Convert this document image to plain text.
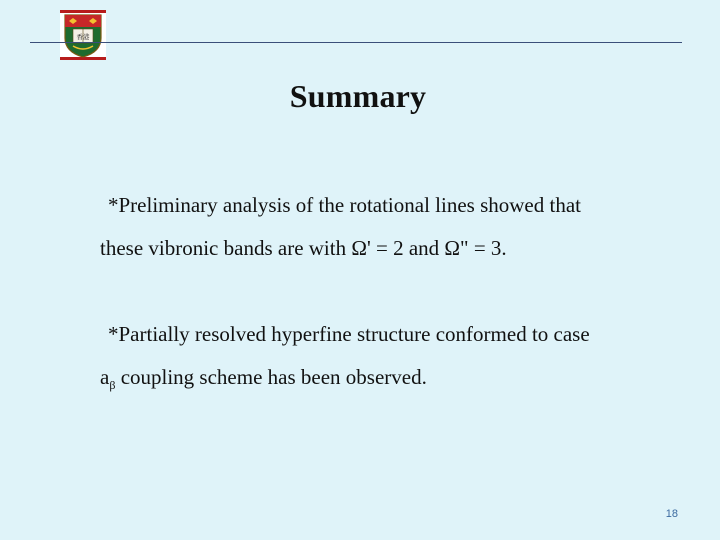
香港
Summary
*Preliminary analysis of the rotational lines showed that
these vibronic bands are with Ω' = 2 and Ω" = 3.
*Partially resolved hyperfine structure conformed to case
$a_\beta$ coupling scheme has been observed.
18
